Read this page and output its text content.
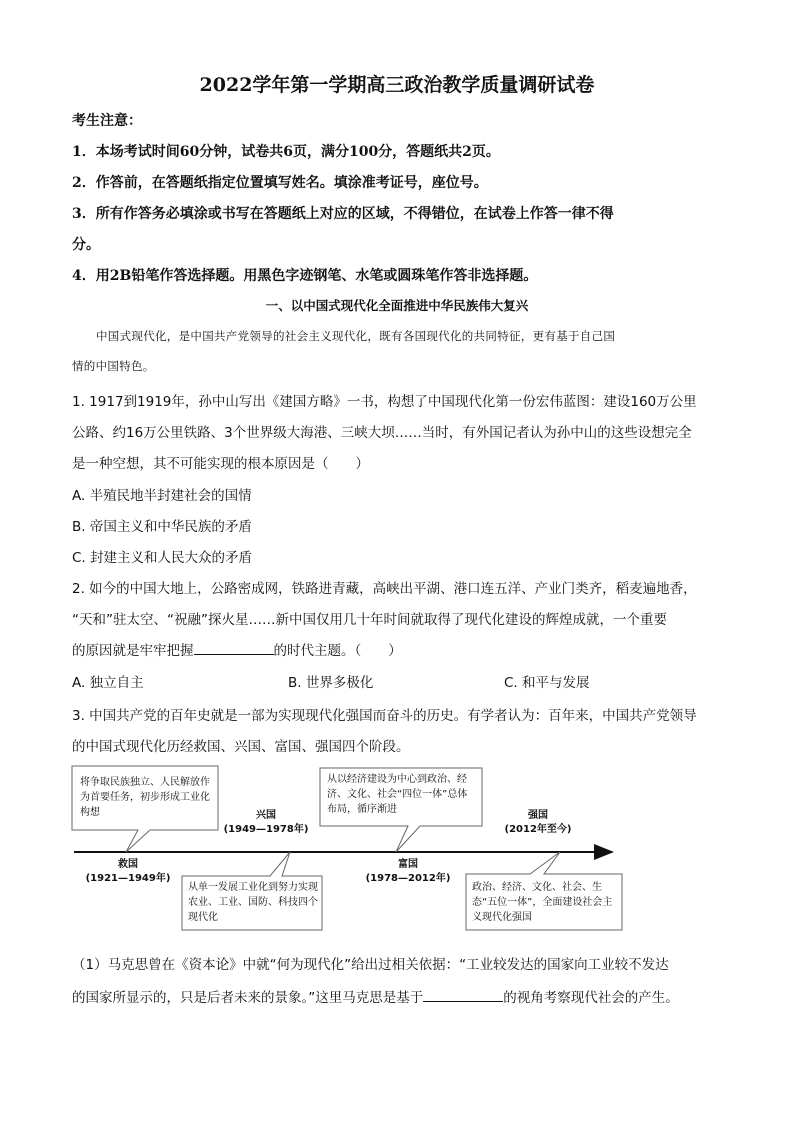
2022学年第一学期高三政治教学质量调研试卷
考生注意：
1．本场考试时间60分钟，试卷共6页，满分100分，答题纸共2页。
2．作答前，在答题纸指定位置填写姓名。填涂准考证号，座位号。
3．所有作答务必填涂或书写在答题纸上对应的区域，不得错位，在试卷上作答一律不得
分。
4．用2B铅笔作答选择题。用黑色字迹钢笔、水笔或圆珠笔作答非选择题。
一、以中国式现代化全面推进中华民族伟大复兴
中国式现代化，是中国共产党领导的社会主义现代化，既有各国现代化的共同特征，更有基于自己国
情的中国特色。
1. 1917到1919年，孙中山写出《建国方略》一书，构想了中国现代化第一份宏伟蓝图：建设160万公里
公路、约16万公里铁路、3个世界级大海港、三峡大坝……当时，有外国记者认为孙中山的这些设想完全
是一种空想，其不可能实现的根本原因是（　　）
A. 半殖民地半封建社会的国情
B. 帝国主义和中华民族的矛盾
C. 封建主义和人民大众的矛盾
2. 如今的中国大地上，公路密成网，铁路进青藏，高峡出平湖、港口连五洋、产业门类齐，稻麦遍地香，
“天和”驻太空、“祝融”探火星……新中国仅用几十年时间就取得了现代化建设的辉煌成就，一个重要
的原因就是牢牢把握	的时代主题。（　　）
A. 独立自主	B. 世界多极化	C. 和平与发展
3. 中国共产党的百年史就是一部为实现现代化强国而奋斗的历史。有学者认为：百年来，中国共产党领导
的中国式现代化历经救国、兴国、富国、强国四个阶段。
将争取民族独立、人民解放作为首要任务，初步形成工业化构想
从单一发展工业化到努力实现农业、工业、国防、科技四个现代化
从以经济建设为中心到政治、经济、文化、社会“四位一体”总体布局，循序渐进
政治、经济、文化、社会、生态“五位一体”，全面建设社会主义现代化强国
救国
(1921—1949年)
兴国
(1949—1978年)
富国
(1978—2012年)
强国
(2012年至今)
（1）马克思曾在《资本论》中就“何为现代化”给出过相关依据：“工业较发达的国家向工业较不发达
的国家所显示的，只是后者未来的景象。”这里马克思是基于	的视角考察现代社会的产生。
